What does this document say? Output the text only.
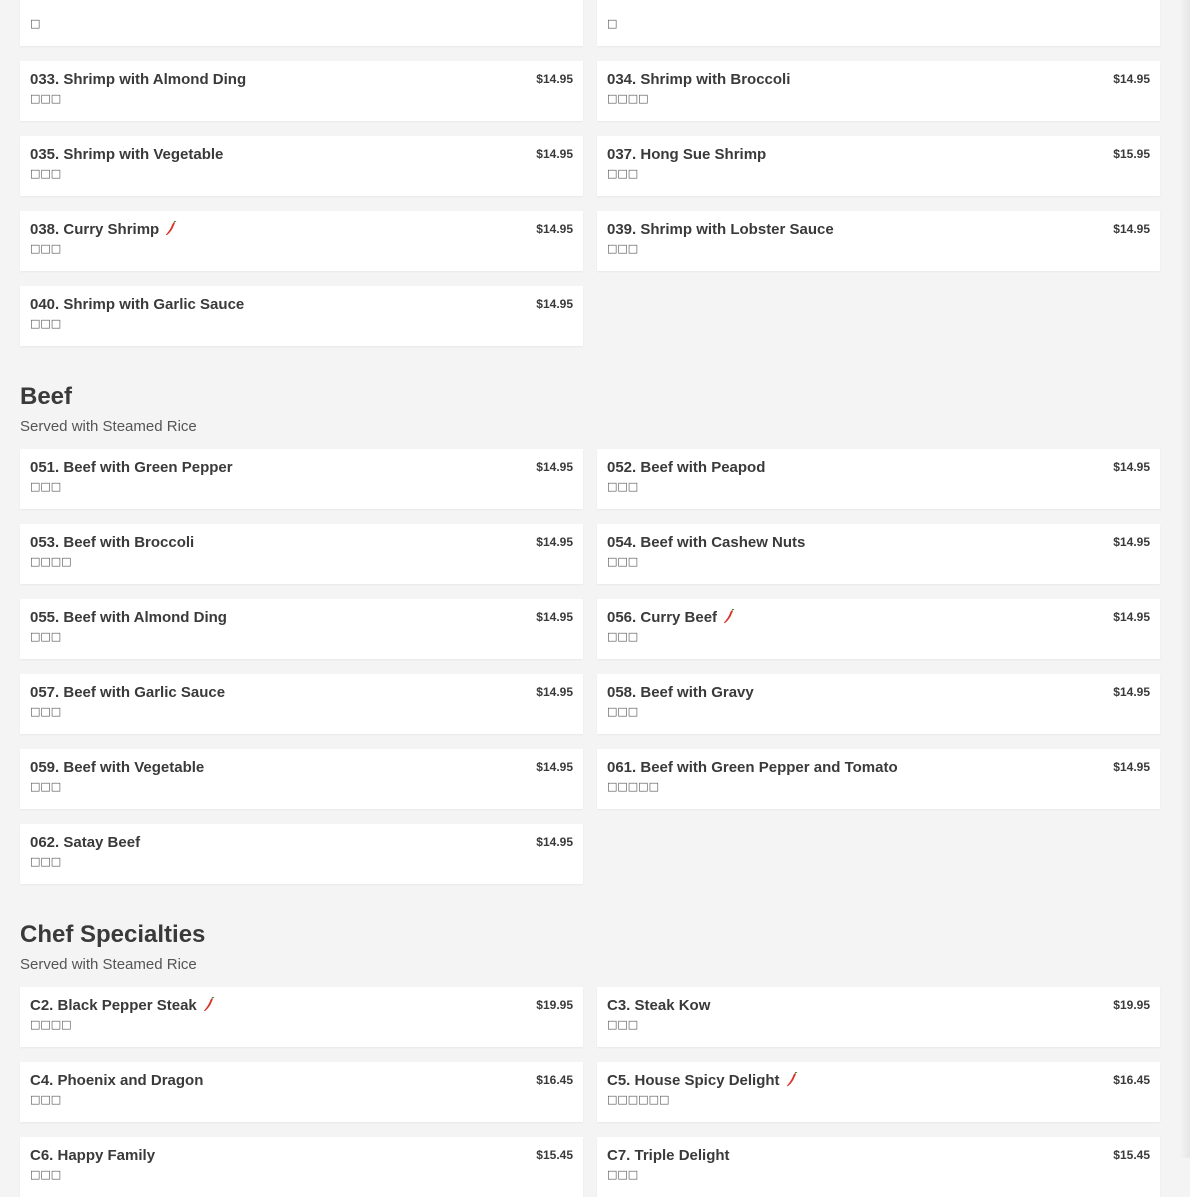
□	□
033. Shrimp with Almond Ding	$14.95
□□□
034. Shrimp with Broccoli	$14.95
□□□□
035. Shrimp with Vegetable	$14.95
□□□
037. Hong Sue Shrimp	$15.95
□□□
038. Curry Shrimp	$14.95
□□□
039. Shrimp with Lobster Sauce	$14.95
□□□
040. Shrimp with Garlic Sauce	$14.95
□□□
Beef
Served with Steamed Rice
051. Beef with Green Pepper	$14.95
□□□
052. Beef with Peapod	$14.95
□□□
053. Beef with Broccoli	$14.95
□□□□
054. Beef with Cashew Nuts	$14.95
□□□
055. Beef with Almond Ding	$14.95
□□□
056. Curry Beef	$14.95
□□□
057. Beef with Garlic Sauce	$14.95
□□□
058. Beef with Gravy	$14.95
□□□
059. Beef with Vegetable	$14.95
□□□
061. Beef with Green Pepper and Tomato	$14.95
□□□□□
062. Satay Beef	$14.95
□□□
Chef Specialties
Served with Steamed Rice
C2. Black Pepper Steak	$19.95
□□□□
C3. Steak Kow	$19.95
□□□
C4. Phoenix and Dragon	$16.45
□□□
C5. House Spicy Delight	$16.45
□□□□□□
C6. Happy Family	$15.45
□□□
C7. Triple Delight	$15.45
□□□
